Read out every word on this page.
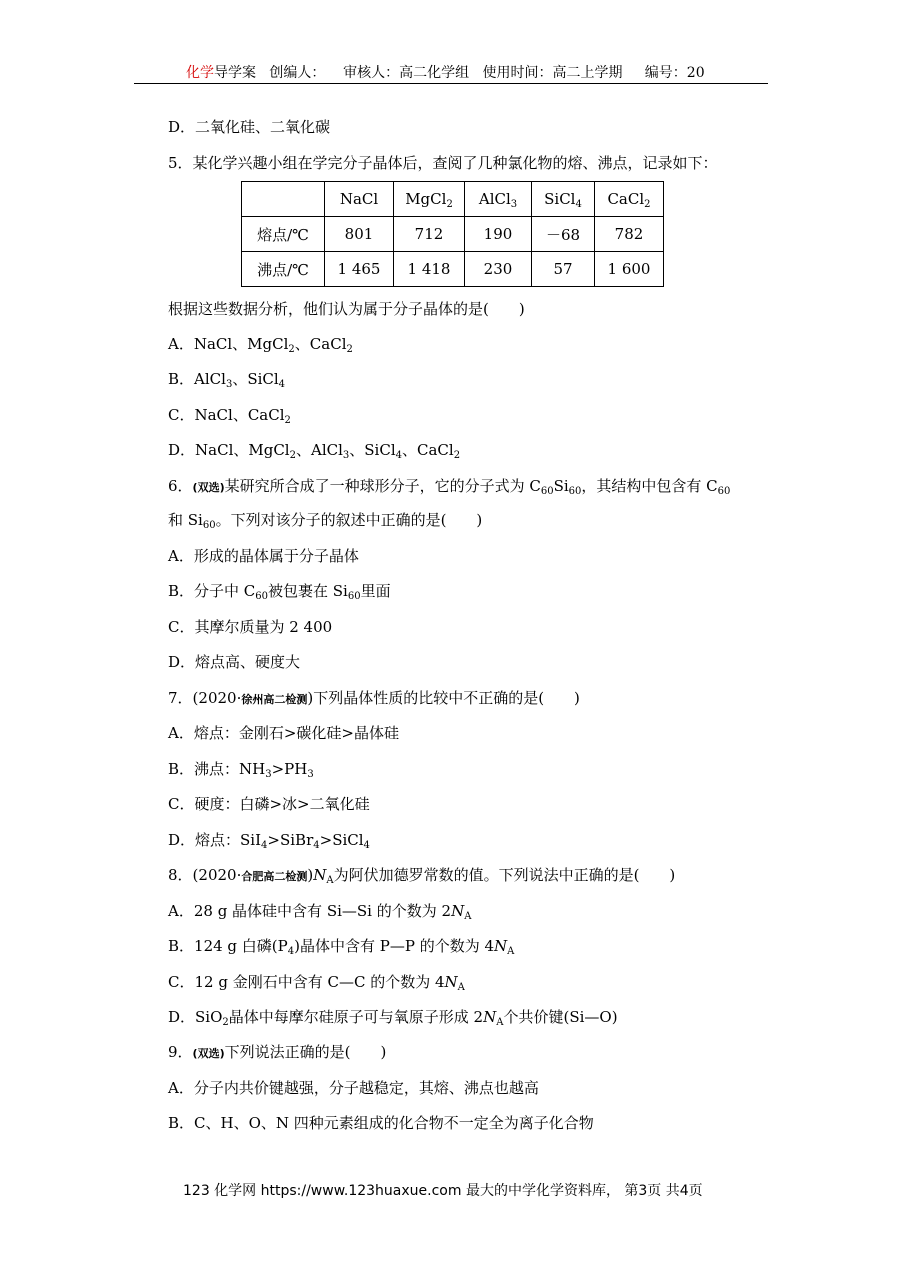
化学导学案 创编人： 审核人：高二化学组 使用时间：高二上学期 编号：20
D．二氧化硅、二氧化碳
5．某化学兴趣小组在学完分子晶体后，查阅了几种氯化物的熔、沸点，记录如下：
	NaCl	MgCl$_2$	AlCl$_3$	SiCl$_4$	CaCl$_2$
熔点/℃	801	712	190	－68	782
沸点/℃	1 465	1 418	230	57	1 600
根据这些数据分析，他们认为属于分子晶体的是(　　)
A．NaCl、MgCl$_2$、CaCl$_2$
B．AlCl$_3$、SiCl$_4$
C．NaCl、CaCl$_2$
D．NaCl、MgCl$_2$、AlCl$_3$、SiCl$_4$、CaCl$_2$
6．(双选)某研究所合成了一种球形分子，它的分子式为 $C_{60}Si_{60}$，其结构中包含有 $C_{60}$
和 $Si_{60}$。下列对该分子的叙述中正确的是(　　)
A．形成的晶体属于分子晶体
B．分子中 $C_{60}$被包裹在 $Si_{60}$里面
C．其摩尔质量为 2 400
D．熔点高、硬度大
7．(2020·徐州高二检测)下列晶体性质的比较中不正确的是(　　)
A．熔点：金刚石>碳化硅>晶体硅
B．沸点：$NH_3>PH_3$
C．硬度：白磷>冰>二氧化硅
D．熔点：SiI$_4$>SiBr$_4$>SiCl$_4$
8．(2020·合肥高二检测)$N_A$为阿伏加德罗常数的值。下列说法中正确的是(　　)
A．28 g 晶体硅中含有 Si—Si 的个数为 $2N_A$
B．124 g 白磷$(P_4)$晶体中含有 P—P 的个数为 $4N_A$
C．12 g 金刚石中含有 C—C 的个数为 $4N_A$
D．SiO$_2$晶体中每摩尔硅原子可与氧原子形成 $2N_A$个共价键(Si—O)
9．(双选)下列说法正确的是(　　)
A．分子内共价键越强，分子越稳定，其熔、沸点也越高
B．C、H、O、N 四种元素组成的化合物不一定全为离子化合物
123 化学网 https://www.123huaxue.com 最大的中学化学资料库， 第3页 共4页
